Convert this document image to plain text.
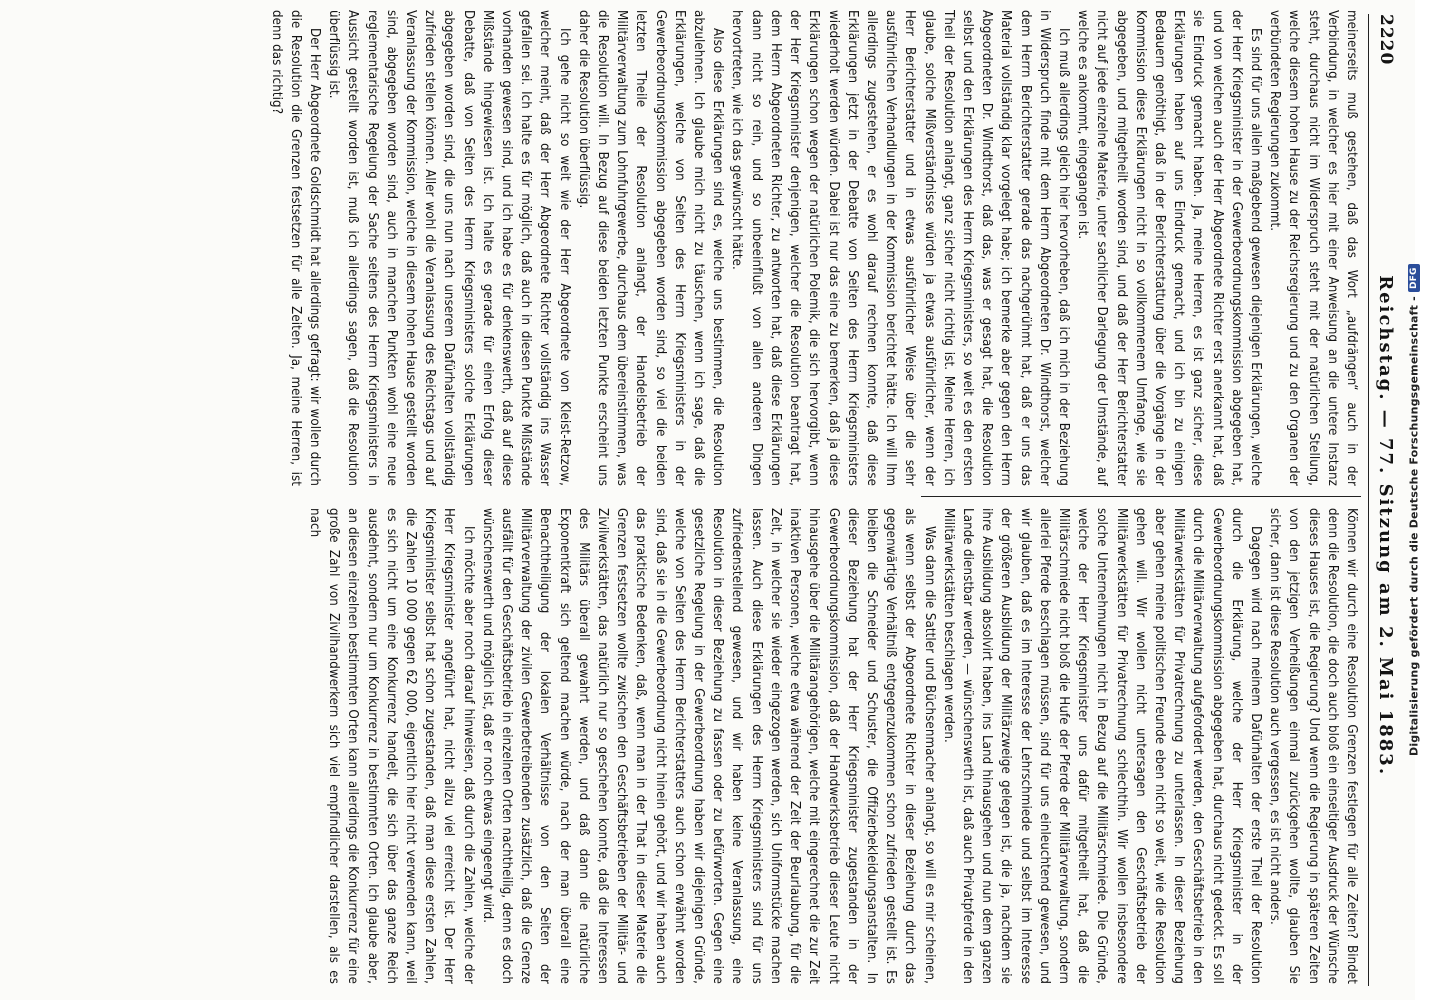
2220
Reichstag. — 77. Sitzung am 2. Mai 1883.

meinerseits muß gestehen, daß das Wort „aufdrängen“ auch in der Verbindung, in welcher es hier mit einer Anweisung an die untere Instanz steht, durchaus nicht im Widerspruch steht mit der natürlichen Stellung, welche diesem hohen Hause zu der Reichsregierung und zu den Organen der verbündeten Regierungen zukommt.

Es sind für uns allein maßgebend gewesen diejenigen Erklärungen, welche der Herr Kriegsminister in der Gewerbeordnungskommission abgegeben hat, und von welchen auch der Herr Abgeordnete Richter erst anerkannt hat, daß sie Eindruck gemacht haben. Ja, meine Herren, es ist ganz sicher, diese Erklärungen haben auf uns Eindruck gemacht, und ich bin zu einigen Bedauern genöthigt, daß in der Berichterstattung über die Vorgänge in der Kommission diese Erklärungen nicht in so vollkommenem Umfange, wie sie abgegeben, und mitgetheilt worden sind, und daß der Herr Berichterstatter nicht auf jede einzelne Materie, unter sachlicher Darlegung der Umstände, auf welche es ankommt, eingegangen ist.

Ich muß allerdings gleich hier hervorheben, daß ich mich in der Beziehung in Widerspruch finde mit dem Herrn Abgeordneten Dr. Windthorst, welcher dem Herrn Berichterstatter gerade das nachgerühmt hat, daß er uns das Material vollständig klar vorgelegt habe; ich bemerke aber gegen den Herrn Abgeordneten Dr. Windthorst, daß das, was er gesagt hat, die Resolution selbst und den Erklärungen des Herrn Kriegsministers, so weit es den ersten Theil der Resolution anlangt, ganz sicher nicht richtig ist. Meine Herren, ich glaube, solche Mißverständnisse würden ja etwas ausführlicher, wenn der Herr Berichterstatter und in etwas ausführlicher Weise über die sehr ausführlichen Verhandlungen in der Kommission berichtet hätte. Ich will Ihm allerdings zugestehen, er es wohl darauf rechnen konnte, daß diese Erklärungen jetzt in der Debatte von Seiten des Herrn Kriegsministers wiederholt werden würden. Dabei ist nur das eine zu bemerken, daß ja diese Erklärungen schon wegen der natürlichen Polemik, die sich hervorgibt, wenn der Herr Kriegsminister denjenigen, welcher die Resolution beantragt hat, dem Herrn Abgeordneten Richter, zu antworten hat, daß diese Erklärungen dann nicht so rein, und so unbeeinflußt von allen anderen Dingen hervortreten, wie ich das gewünscht hätte.

Also diese Erklärungen sind es, welche uns bestimmen, die Resolution abzulehnen. Ich glaube mich nicht zu täuschen, wenn ich sage, daß die Erklärungen, welche von Seiten des Herrn Kriegsministers in der Gewerbeordnungskommission abgegeben worden sind, so viel die beiden letzten Theile der Resolution anlangt, der Handelsbetrieb der Militärverwaltung zum Lohnfuhrgewerbe, durchaus dem übereinstimmen, was die Resolution will. In Bezug auf diese beiden letzten Punkte erscheint uns daher die Resolution überflüssig.

Ich gehe nicht so weit wie der Herr Abgeordnete von Kleist-Retzow, welcher meint, daß der Herr Abgeordnete Richter vollständig ins Wasser gefallen sei. Ich halte es für möglich, daß auch in diesen Punkte Mißstände vorhanden gewesen sind, und ich habe es für denkenswerth, daß auf diese Mißstände hingewiesen ist. Ich halte es gerade für einen Erfolg dieser Debatte, daß von Seiten des Herrn Kriegsministers solche Erklärungen abgegeben worden sind, die uns nun nach unserem Dafürhalten vollständig zufrieden stellen können. Aller wohl die Veranlassung des Reichstags und auf Veranlassung der Kommission, welche in diesem hohen Hause gestellt worden sind, abgegeben worden sind, auch in manchen Punkten wohl eine neue reglementarische Regelung der Sache seitens des Herrn Kriegsministers in Aussicht gestellt worden ist, muß ich allerdings sagen, daß die Resolution überflüssig ist.

Der Herr Abgeordnete Goldschmidt hat allerdings gefragt: wir wollen durch die Resolution die Grenzen festsetzen für alle Zeiten. Ja, meine Herren, ist denn das richtig?

Können wir durch eine Resolution Grenzen festlegen für alle Zeiten? Bindet denn die Resolution, die doch auch bloß ein einseitiger Ausdruck der Wünsche dieses Hauses ist, die Regierung? Und wenn die Regierung in späteren Zeiten von den jetzigen Verheißungen einmal zurückgehen wollte, glauben Sie sicher, dann ist diese Resolution auch vergessen, es ist nicht anders.

Dagegen wird nach meinem Dafürhalten der erste Theil der Resolution durch die Erklärung, welche der Herr Kriegsminister in der Gewerbeordnungskommission abgegeben hat, durchaus nicht gedeckt. Es soll durch die Militärverwaltung aufgefordert werden, den Geschäftsbetrieb in den Militärwerkstätten für Privatrechnung zu unterlassen. In dieser Beziehung aber gehen meine politischen Freunde eben nicht so weit, wie die Resolution gehen will. Wir wollen nicht untersagen den Geschäftsbetrieb der Militärwerkstätten für Privatrechnung schlechthin. Wir wollen insbesondere solche Unternehmungen nicht in Bezug auf die Militärschmiede. Die Gründe, welche der Herr Kriegsminister uns dafür mitgetheilt hat, daß die Militärschmiede nicht bloß die Hufe der Pferde der Militärverwaltung, sondern allerlei Pferde beschlagen müssen, sind für uns einleuchtend gewesen, und wir glauben, daß es im Interesse der Lehrschmiede und selbst im Interesse der größeren Ausbildung der Militärzweige gelegen ist, die ja, nachdem sie ihre Ausbildung absolvirt haben, ins Land hinausgehen und nun dem ganzen Lande dienstbar werden, — wünschenswerth ist, daß auch Privatpferde in den Militärwerkstätten beschlagen werden.

Was dann die Sattler und Büchsenmacher anlangt, so will es mir scheinen, als wenn selbst der Abgeordnete Richter in dieser Beziehung durch das gegenwärtige Verhältniß entgegenzukommen schon zufrieden gestellt ist. Es bleiben die Schneider und Schuster, die Offizierbekleidungsanstalten. In dieser Beziehung hat der Herr Kriegsminister zugestanden in der Gewerbeordnungskommission, daß der Handwerksbetrieb dieser Leute nicht hinausgehe über die Militärangehörigen, welche mit eingerechnet die zur Zeit inaktiven Personen, welche etwa während der Zeit der Beurlaubung, für die Zeit, in welcher sie wieder eingezogen werden, sich Uniformstücke machen lassen. Auch diese Erklärungen des Herrn Kriegsministers sind für uns zufriedenstellend gewesen, und wir haben keine Veranlassung, eine Resolution in dieser Beziehung zu fassen oder zu befürworten. Gegen eine gesetzliche Regelung in der Gewerbeordnung haben wir diejenigen Gründe, welche von Seiten des Herrn Berichterstatters auch schon erwähnt worden sind, daß sie in die Gewerbeordnung nicht hinein gehört, und wir haben auch das praktische Bedenken, daß, wenn man in der That in dieser Materie die Grenzen festsetzen wollte zwischen den Geschäftsbetrieben der Militär- und Zivilwerkstätten, das natürlich nur so geschehen konnte, daß die Interessen des Militärs überall gewahrt werden, und daß dann die natürliche Exponentkraft sich geltend machen würde, nach der man überall eine Benachtheiligung der lokalen Verhältnisse von den Seiten der Militärverwaltung der zivilen Gewerbetreibenden zusätzlich, daß die Grenze ausfällt für den Geschäftsbetrieb in einzelnen Orten nachtheilig, denn es doch wünschenswerth und möglich ist, daß er noch etwas eingeengt wird.

Ich möchte aber noch darauf hinweisen, daß durch die Zahlen, welche der Herr Kriegsminister angeführt hat, nicht allzu viel erreicht ist. Der Herr Kriegsminister selbst hat schon zugestanden, daß man diese ersten Zahlen, die Zahlen 10 000 gegen 62 000, eigentlich hier nicht verwenden kann, weil es sich nicht um eine Konkurrenz handelt, die sich über das ganze Reich ausdehnt, sondern nur um Konkurrenz in bestimmten Orten. Ich glaube aber, an diesen einzelnen bestimmten Orten kann allerdings die Konkurrenz für eine große Zahl von Zivilhandwerkern sich viel empfindlicher darstellen, als es nach	Digitalisierung gefördert durch die Deutsche Forschungsgemeinschaft -
DFG
